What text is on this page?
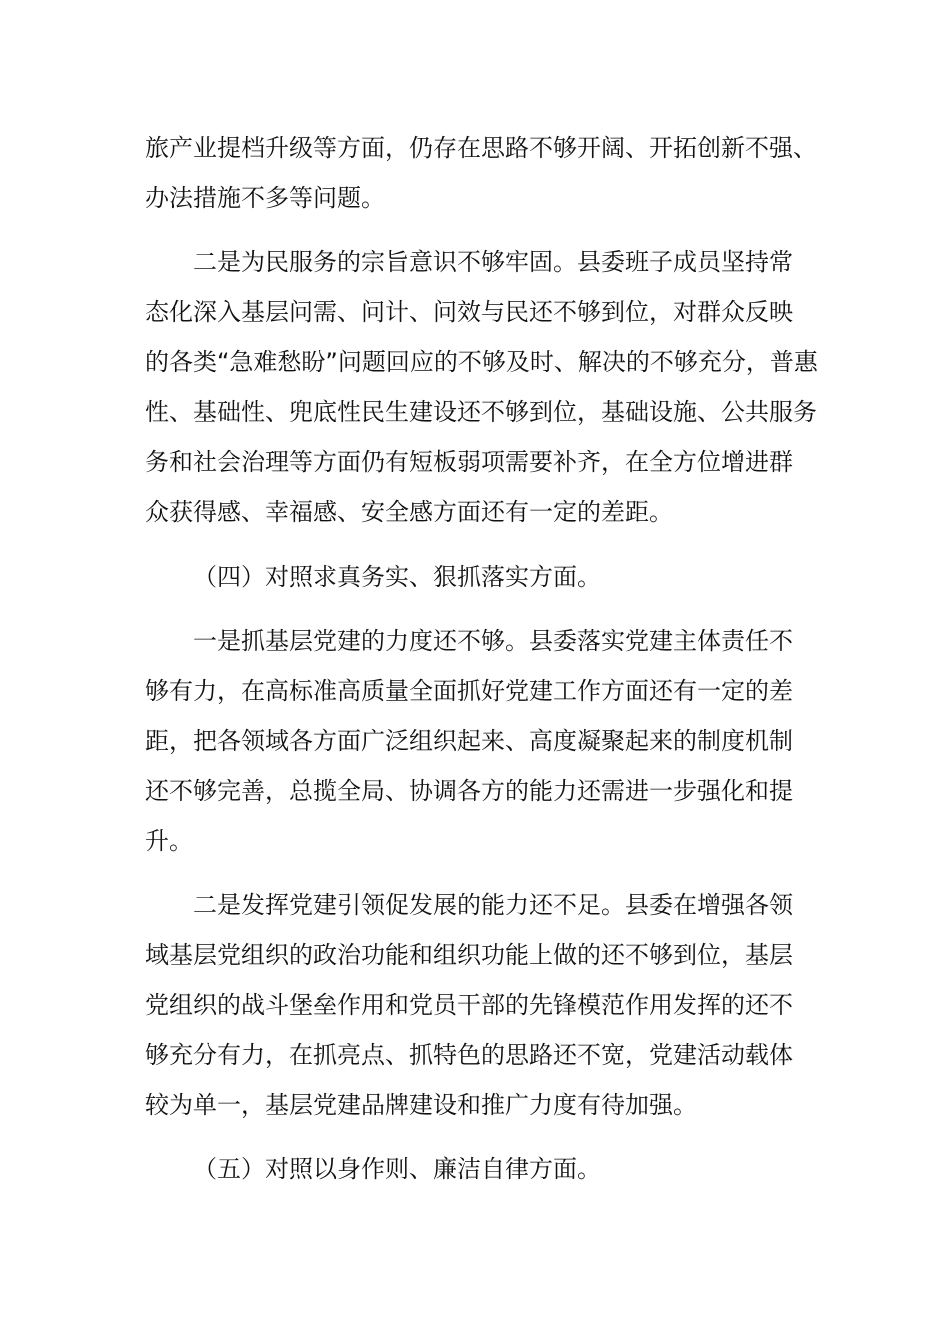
旅产业提档升级等方面，仍存在思路不够开阔、开拓创新不强、
办法措施不多等问题。
二是为民服务的宗旨意识不够牢固。县委班子成员坚持常
态化深入基层问需、问计、问效与民还不够到位，对群众反映
的各类“急难愁盼”问题回应的不够及时、解决的不够充分，普惠
性、基础性、兜底性民生建设还不够到位，基础设施、公共服务
务和社会治理等方面仍有短板弱项需要补齐，在全方位增进群
众获得感、幸福感、安全感方面还有一定的差距。
（四）对照求真务实、狠抓落实方面。
一是抓基层党建的力度还不够。县委落实党建主体责任不
够有力，在高标准高质量全面抓好党建工作方面还有一定的差
距，把各领域各方面广泛组织起来、高度凝聚起来的制度机制
还不够完善，总揽全局、协调各方的能力还需进一步强化和提
升。
二是发挥党建引领促发展的能力还不足。县委在增强各领
域基层党组织的政治功能和组织功能上做的还不够到位，基层
党组织的战斗堡垒作用和党员干部的先锋模范作用发挥的还不
够充分有力，在抓亮点、抓特色的思路还不宽，党建活动载体
较为单一，基层党建品牌建设和推广力度有待加强。
（五）对照以身作则、廉洁自律方面。
